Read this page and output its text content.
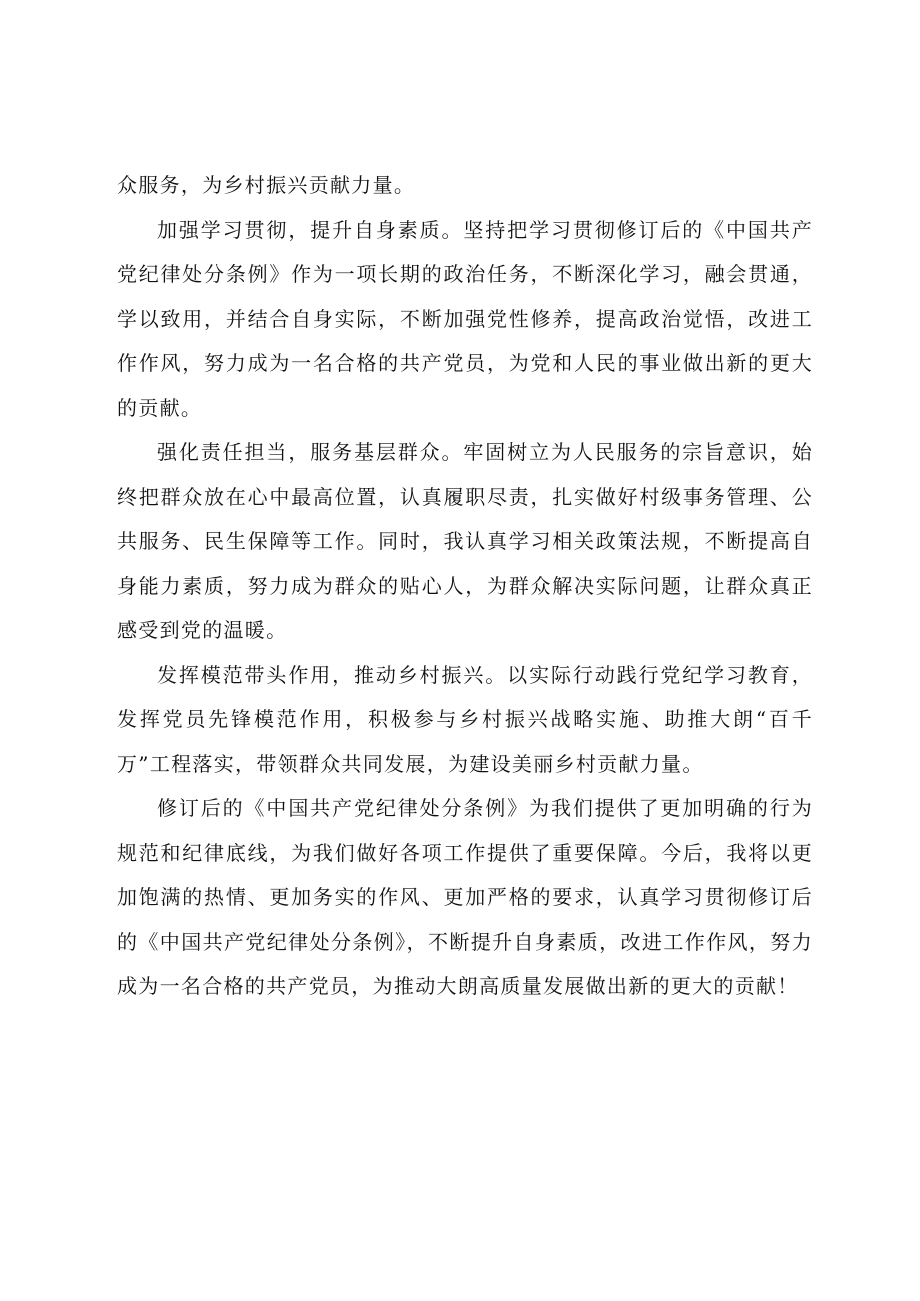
众服务，为乡村振兴贡献力量。

加强学习贯彻，提升自身素质。坚持把学习贯彻修订后的《中国共产党纪律处分条例》作为一项长期的政治任务，不断深化学习，融会贯通，学以致用，并结合自身实际，不断加强党性修养，提高政治觉悟，改进工作作风，努力成为一名合格的共产党员，为党和人民的事业做出新的更大的贡献。

强化责任担当，服务基层群众。牢固树立为人民服务的宗旨意识，始终把群众放在心中最高位置，认真履职尽责，扎实做好村级事务管理、公共服务、民生保障等工作。同时，我认真学习相关政策法规，不断提高自身能力素质，努力成为群众的贴心人，为群众解决实际问题，让群众真正感受到党的温暖。

发挥模范带头作用，推动乡村振兴。以实际行动践行党纪学习教育，发挥党员先锋模范作用，积极参与乡村振兴战略实施、助推大朗“百千万”工程落实，带领群众共同发展，为建设美丽乡村贡献力量。

修订后的《中国共产党纪律处分条例》为我们提供了更加明确的行为规范和纪律底线，为我们做好各项工作提供了重要保障。今后，我将以更加饱满的热情、更加务实的作风、更加严格的要求，认真学习贯彻修订后的《中国共产党纪律处分条例》，不断提升自身素质，改进工作作风，努力成为一名合格的共产党员，为推动大朗高质量发展做出新的更大的贡献！
